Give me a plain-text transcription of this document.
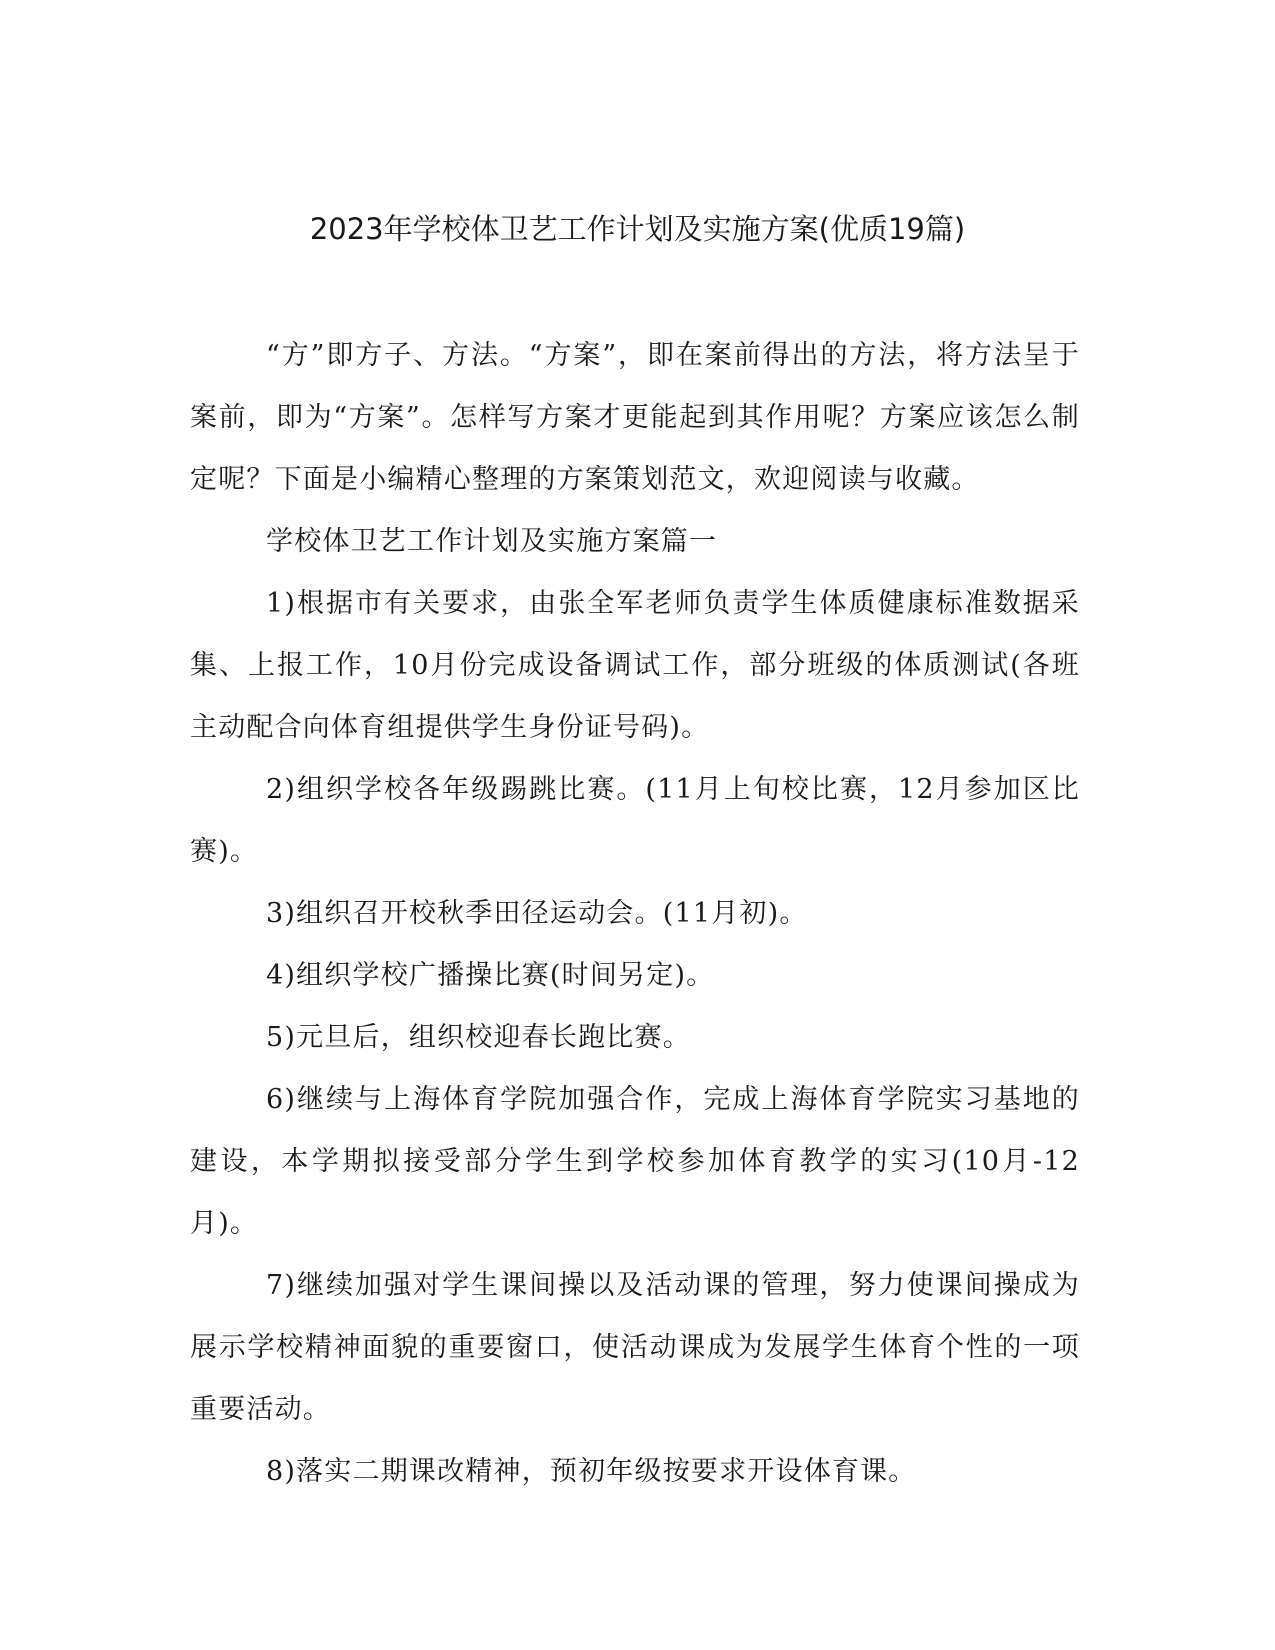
2023年学校体卫艺工作计划及实施方案(优质19篇)

“方”即方子、方法。“方案”，即在案前得出的方法，将方法呈于案前，即为“方案”。怎样写方案才更能起到其作用呢？方案应该怎么制定呢？下面是小编精心整理的方案策划范文，欢迎阅读与收藏。

学校体卫艺工作计划及实施方案篇一

1)根据市有关要求，由张全军老师负责学生体质健康标准数据采集、上报工作，10月份完成设备调试工作，部分班级的体质测试(各班主动配合向体育组提供学生身份证号码)。

2)组织学校各年级踢跳比赛。(11月上旬校比赛，12月参加区比赛)。

3)组织召开校秋季田径运动会。(11月初)。

4)组织学校广播操比赛(时间另定)。

5)元旦后，组织校迎春长跑比赛。

6)继续与上海体育学院加强合作，完成上海体育学院实习基地的建设，本学期拟接受部分学生到学校参加体育教学的实习(10月-12月)。

7)继续加强对学生课间操以及活动课的管理，努力使课间操成为展示学校精神面貌的重要窗口，使活动课成为发展学生体育个性的一项重要活动。

8)落实二期课改精神，预初年级按要求开设体育课。
